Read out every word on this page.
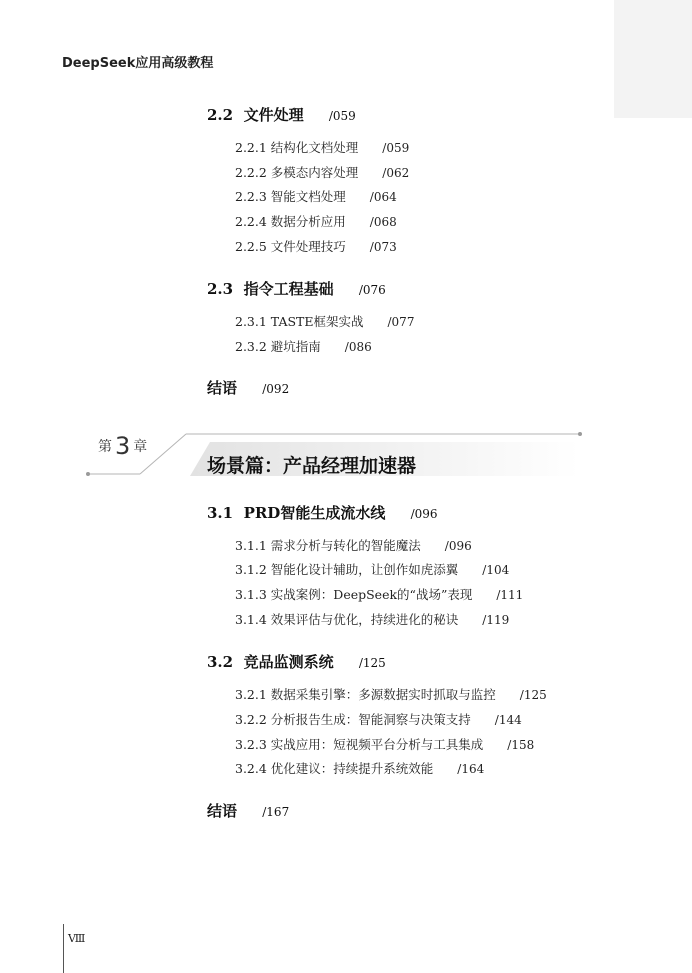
DeepSeek应用高级教程
2.2 文件处理 /059
2.2.1 结构化文档处理 /059
2.2.2 多模态内容处理 /062
2.2.3 智能文档处理 /064
2.2.4 数据分析应用 /068
2.2.5 文件处理技巧 /073
2.3 指令工程基础 /076
2.3.1 TASTE框架实战 /077
2.3.2 避坑指南 /086
结语 /092
第 3 章
场景篇：产品经理加速器
3.1 PRD智能生成流水线 /096
3.1.1 需求分析与转化的智能魔法 /096
3.1.2 智能化设计辅助，让创作如虎添翼 /104
3.1.3 实战案例：DeepSeek的“战场”表现 /111
3.1.4 效果评估与优化，持续进化的秘诀 /119
3.2 竞品监测系统 /125
3.2.1 数据采集引擎：多源数据实时抓取与监控 /125
3.2.2 分析报告生成：智能洞察与决策支持 /144
3.2.3 实战应用：短视频平台分析与工具集成 /158
3.2.4 优化建议：持续提升系统效能 /164
结语 /167
Ⅷ
